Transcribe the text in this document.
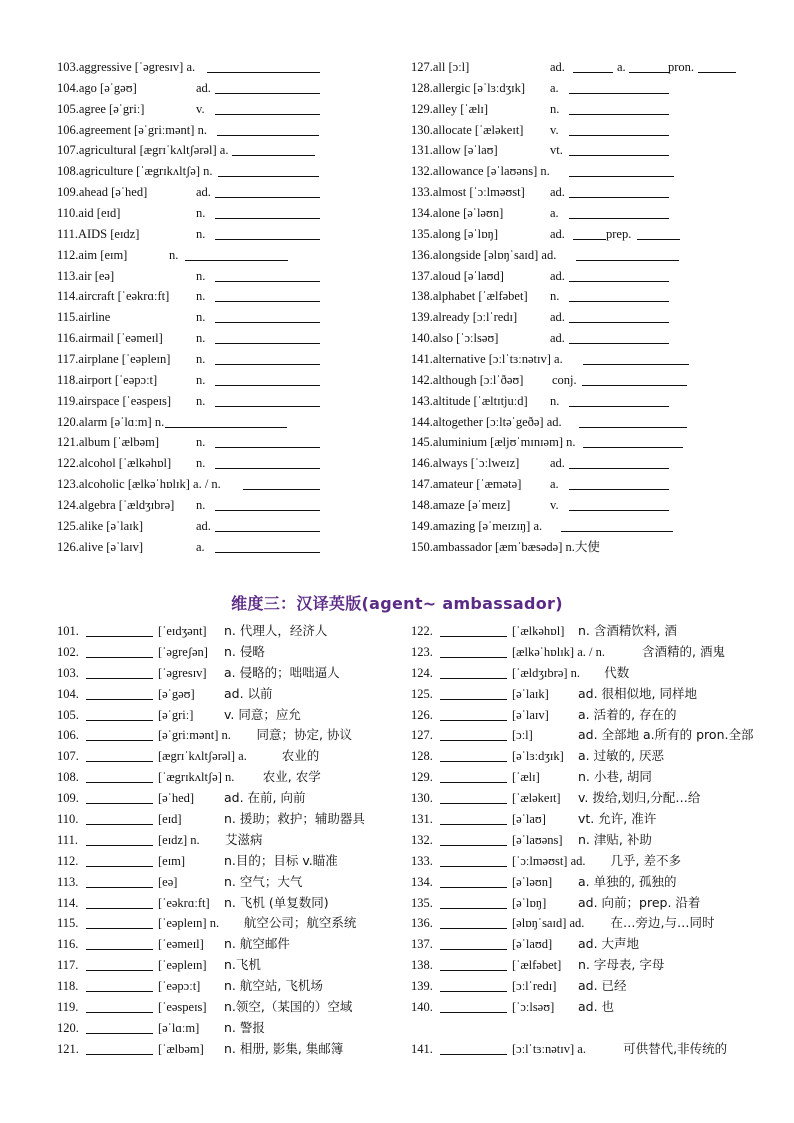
103.aggressive [ˈəgresɪv] a.
104.ago [əˈgəʊ]	ad.
105.agree [əˈgriː]	v.
106.agreement [əˈgriːmənt] n.
107.agricultural [ægrɪˈkʌltʃərəl] a.
108.agriculture [ˈægrɪkʌltʃə] n.
109.ahead [əˈhed]	ad.
110.aid [eɪd]	n.
111.AIDS [eɪdz]	n.
112.aim [eɪm]	n.
113.air [eə]	n.
114.aircraft [ˈeəkrɑːft] n.
115.airline	n.
116.airmail [ˈeəmeɪl]	n.
117.airplane [ˈeəpleɪn] n.
118.airport [ˈeəpɔːt]	n.
119.airspace [ˈeəspeɪs] n.
120.alarm [əˈlɑːm] n.
121.album [ˈælbəm]	n.
122.alcohol [ˈælkəhɒl] n.
123.alcoholic [ælkəˈhɒlɪk] a. / n.
124.algebra [ˈældʒɪbrə] n.
125.alike [əˈlaɪk]	ad.
126.alive [əˈlaɪv]	a.
127.all [ɔːl]	ad.	a.	pron.
128.allergic [əˈlɜːdʒɪk] a.
129.alley [ˈælɪ]	n.
130.allocate [ˈæləkeɪt] v.
131.allow [əˈlaʊ]	vt.
132.allowance [əˈlaʊəns] n.
133.almost [ˈɔːlməʊst] ad.
134.alone [əˈləʊn]	a.
135.along [əˈlɒŋ]	ad.	prep.
136.alongside [əlɒŋˈsaɪd] ad.
137.aloud [əˈlaʊd]	ad.
138.alphabet [ˈælfəbet] n.
139.already [ɔːlˈredɪ]	ad.
140.also [ˈɔːlsəʊ]	ad.
141.alternative [ɔːlˈtɜːnətɪv] a.
142.although [ɔːlˈðəʊ] conj.
143.altitude [ˈæltɪtjuːd] n.
144.altogether [ɔːltəˈgeðə] ad.
145.aluminium [æljʊˈmɪnɪəm] n.
146.always [ˈɔːlweɪz] ad.
147.amateur [ˈæmətə] a.
148.amaze [əˈmeɪz]	v.
149.amazing [əˈmeɪzɪŋ] a.
150.ambassador [æmˈbæsədə] n.大使
维度三：汉译英版(agent~ ambassador)
101.	[ˈeɪdʒənt] n. 代理人，经济人
102.	[ˈəgreʃən] n. 侵略
103.	[ˈəgresɪv] a. 侵略的；咄咄逼人
104.	[əˈgəʊ] ad. 以前
105.	[əˈgriː] v. 同意；应允
106.	[əˈgriːmənt] n. 同意；协定, 协议
107.	[ægrɪˈkʌltʃərəl] a.	农业的
108.	[ˈægrɪkʌltʃə] n. 农业, 农学
109.	[əˈhed] ad. 在前, 向前
110.	[eɪd]	n. 援助；救护；辅助器具
111.	[eɪdz] n. 艾滋病
112.	[eɪm]	n.目的；目标 v.瞄准
113.	[eə]	n. 空气；大气
114.	[ˈeəkrɑːft] n. 飞机 (单复数同)
115.	[ˈeəpleɪn] n. 航空公司；航空系统
116.	[ˈeəmeɪl] n. 航空邮件
117.	[ˈeəpleɪn] n.飞机
118.	[ˈeəpɔːt] n. 航空站, 飞机场
119.	[ˈeəspeɪs] n.领空,（某国的）空域
120.	[əˈlɑːm] n. 警报
121.	[ˈælbəm] n. 相册, 影集, 集邮簿
122.	[ˈælkəhɒl] n. 含酒精饮料, 酒
123.	[ælkəˈhɒlɪk] a. / n.	含酒精的, 酒鬼
124.	[ˈældʒɪbrə] n. 代数
125.	[əˈlaɪk] ad. 很相似地, 同样地
126.	[əˈlaɪv] a. 活着的, 存在的
127.	[ɔːl]	ad. 全部地 a.所有的 pron.全部
128.	[əˈlɜːdʒɪk] a. 过敏的, 厌恶
129.	[ˈælɪ]	n. 小巷, 胡同
130.	[ˈæləkeɪt] v. 拨给,划归,分配…给
131.	[əˈlaʊ]	vt. 允许, 准许
132.	[əˈlaʊəns] n. 津贴, 补助
133.	[ˈɔːlməʊst] ad. 几乎, 差不多
134.	[əˈləʊn] a. 单独的, 孤独的
135.	[əˈlɒŋ]	ad. 向前；prep. 沿着
136.	[əlɒŋˈsaɪd] ad. 在…旁边,与…同时
137.	[əˈlaʊd] ad. 大声地
138.	[ˈælfəbet] n. 字母表, 字母
139.	[ɔːlˈredɪ] ad. 已经
140.	[ˈɔːlsəʊ] ad. 也
141.	[ɔːlˈtɜːnətɪv] a.	可供替代,非传统的
